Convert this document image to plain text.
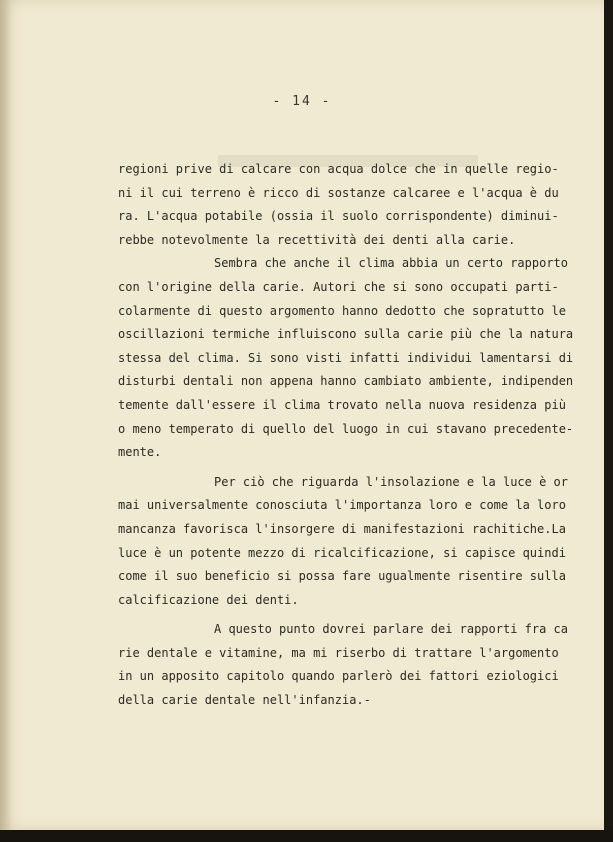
- 14 -
regioni prive di calcare con acqua dolce che in quelle regio-
ni il cui terreno è ricco di sostanze calcaree e l'acqua è du
ra. L'acqua potabile (ossia il suolo corrispondente) diminui-
rebbe notevolmente la recettività dei denti alla carie.
Sembra che anche il clima abbia un certo rapporto
con l'origine della carie. Autori che si sono occupati parti-
colarmente di questo argomento hanno dedotto che sopratutto le
oscillazioni termiche influiscono sulla carie più che la natura
stessa del clima. Si sono visti infatti individui lamentarsi di
disturbi dentali non appena hanno cambiato ambiente, indipenden
temente dall'essere il clima trovato nella nuova residenza più
o meno temperato di quello del luogo in cui stavano precedente-
mente.
Per ciò che riguarda l'insolazione e la luce è or
mai universalmente conosciuta l'importanza loro e come la loro
mancanza favorisca l'insorgere di manifestazioni rachitiche.La
luce è un potente mezzo di ricalcificazione, si capisce quindi
come il suo beneficio si possa fare ugualmente risentire sulla
calcificazione dei denti.
A questo punto dovrei parlare dei rapporti fra ca
rie dentale e vitamine, ma mi riserbo di trattare l'argomento
in un apposito capitolo quando parlerò dei fattori eziologici
della carie dentale nell'infanzia.-
